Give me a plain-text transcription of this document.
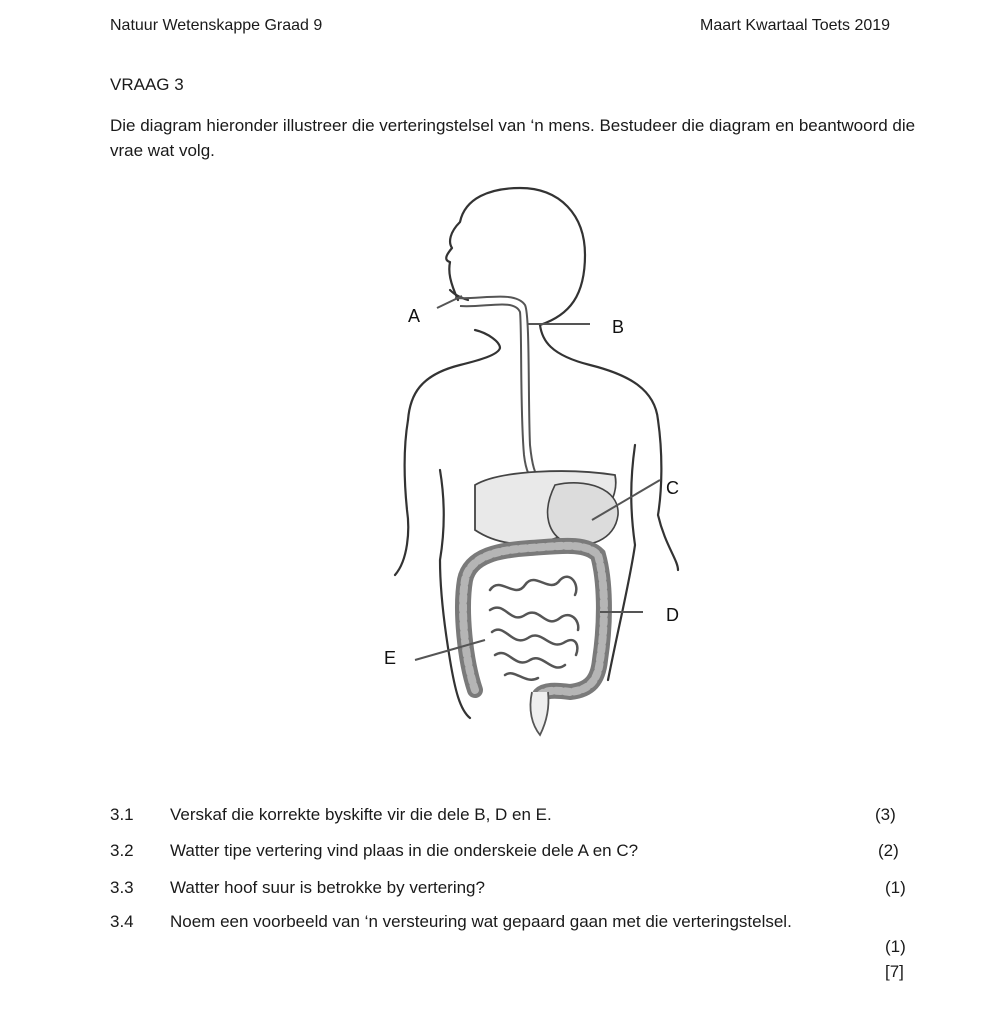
Natuur Wetenskappe Graad 9	Maart Kwartaal Toets 2019
VRAAG 3
Die diagram hieronder illustreer die verteringstelsel van ‘n mens. Bestudeer die diagram en beantwoord die vrae wat volg.
A
B
C
D
E
3.1 Verskaf die korrekte byskifte vir die dele B, D en E.	(3)
3.2 Watter tipe vertering vind plaas in die onderskeie dele A en C?	(2)
3.3 Watter hoof suur is betrokke by vertering?	(1)
3.4 Noem een voorbeeld van ‘n versteuring wat gepaard gaan met die verteringstelsel.
(1)
[7]
